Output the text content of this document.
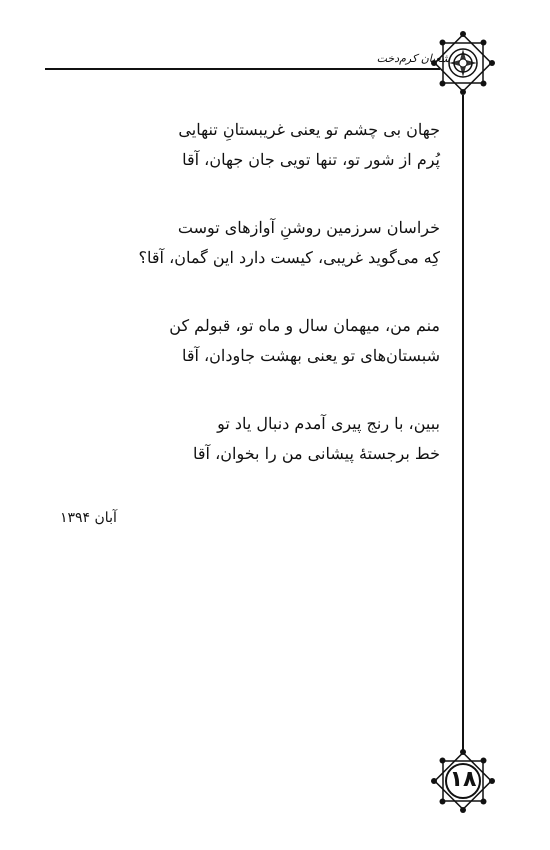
شعبان کرم‌دخت
جهان بی چشم تو یعنی غریبستانِ تنهایی
پُرم از شور تو، تنها تویی جان جهان، آقا
خراسان سرزمین روشنِ آوازهای توست
کِه می‌گوید غریبی، کیست دارد این گمان، آقا؟
منم من، میهمان سال و ماه تو، قبولم کن
شبستان‌های تو یعنی بهشت جاودان، آقا
ببین، با رنج پیری آمدم دنبال یاد تو
خط برجستهٔ پیشانی من را بخوان، آقا
آبان ۱۳۹۴
۱۸
